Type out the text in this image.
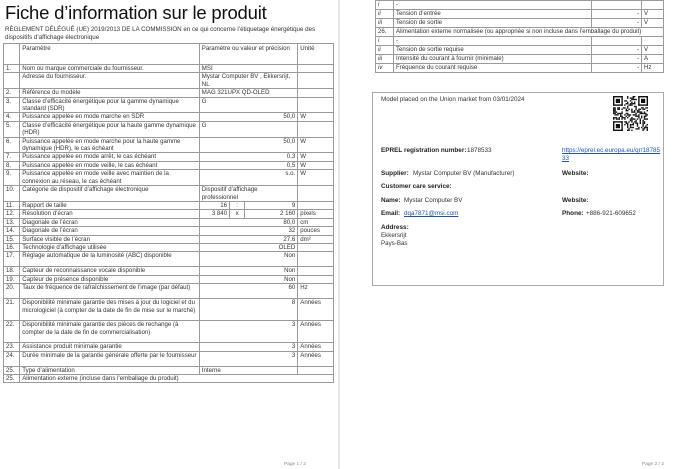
Fiche d’information sur le produit
RÈGLEMENT DÉLÉGUÉ (UE) 2019/2013 DE LA COMMISSION en ce qui concerne l’étiquetage énergétique des dispositifs d’affichage électronique
	Paramètre	Paramètre ou valeur et précision			Unité
1.	Nom ou marque commerciale du fournisseur.	MSI			
	Adresse du fournisseur.	Mystar Computer BV , Ekkersrijt, NL			
2.	Référence du modèle	MAG 321UPX QD-OLED			
3.	Classe d’efficacité énergétique pour la gamme dynamique standard (SDR)	G			
4.	Puissance appelée en mode marche en SDR	50,0			W
5.	Classe d’efficacité énergétique pour la haute gamme dynamique (HDR)	G			
6.	Puissance appelée en mode marche pour la haute gamme dynamique (HDR), le cas échéant	50,0			W
7.	Puissance appelée en mode arrêt, le cas échéant	0,3			W
8.	Puissance appelée en mode veille, le cas échéant	0,5			W
9.	Puissance appelée en mode veille avec maintien de la connexion au réseau, le cas échéant	s.o.			W
10.	Catégorie de dispositif d’affichage électronique	Dispositif d’affichage professionnel			
11.	Rapport de taille	16	:	9	
12.	Résolution d’écran	3 840	x	2 160	pixels
13.	Diagonale de l’écran	80,0			cm
14.	Diagonale de l’écran	32			pouces
15.	Surface visible de l’écran	27,6			dm²
16.	Technologie d’affichage utilisée	OLED			
17.	Réglage automatique de la luminosité (ABC) disponible	Non			
18.	Capteur de reconnaissance vocale disponible	Non			
19.	Capteur de présence disponible	Non			
20.	Taux de fréquence de rafraîchissement de l’image (par défaut)	60			Hz
21.	Disponibilité minimale garantie des mises à jour du logiciel et du micrologiciel (à compter de la date de fin de mise sur le marché)	8			Années
22.	Disponibilité minimale garantie des pièces de rechange (à compter de la date de fin de commercialisation)	3			Années
23.	Assistance produit minimale garantie	3			Années
24.	Durée minimale de la garantie générale offerte par le fournisseur	3			Années
25.	Type d’alimentation	Interne			
25.	Alimentation externe (incluse dans l’emballage du produit)				
Page 1 / 2
i	-		
ii	Tension d’entrée	-	V
iii	Tension de sortie	-	V
26.	Alimentation externe normalisée (ou appropriée si non incluse dans l’emballage du produit)		
i	-		
ii	Tension de sortie requise	-	V
iii	Intensité du courant à fournir (minimale)	-	A
iv	Fréquence du courant requise	-	Hz
Model placed on the Union market from 03/01/2024
EPREL registration number: 1878533	https://eprel.ec.europa.eu/qr/1878533
Supplier: Mystar Computer BV (Manufacturer)	Website:
Customer care service:
Name: Mystar Computer BV	Website:
Email: dqa7871@msi.com	Phone: +886-921-609652
Address:
Ekkersrijt
Pays-Bas
Page 2 / 2
